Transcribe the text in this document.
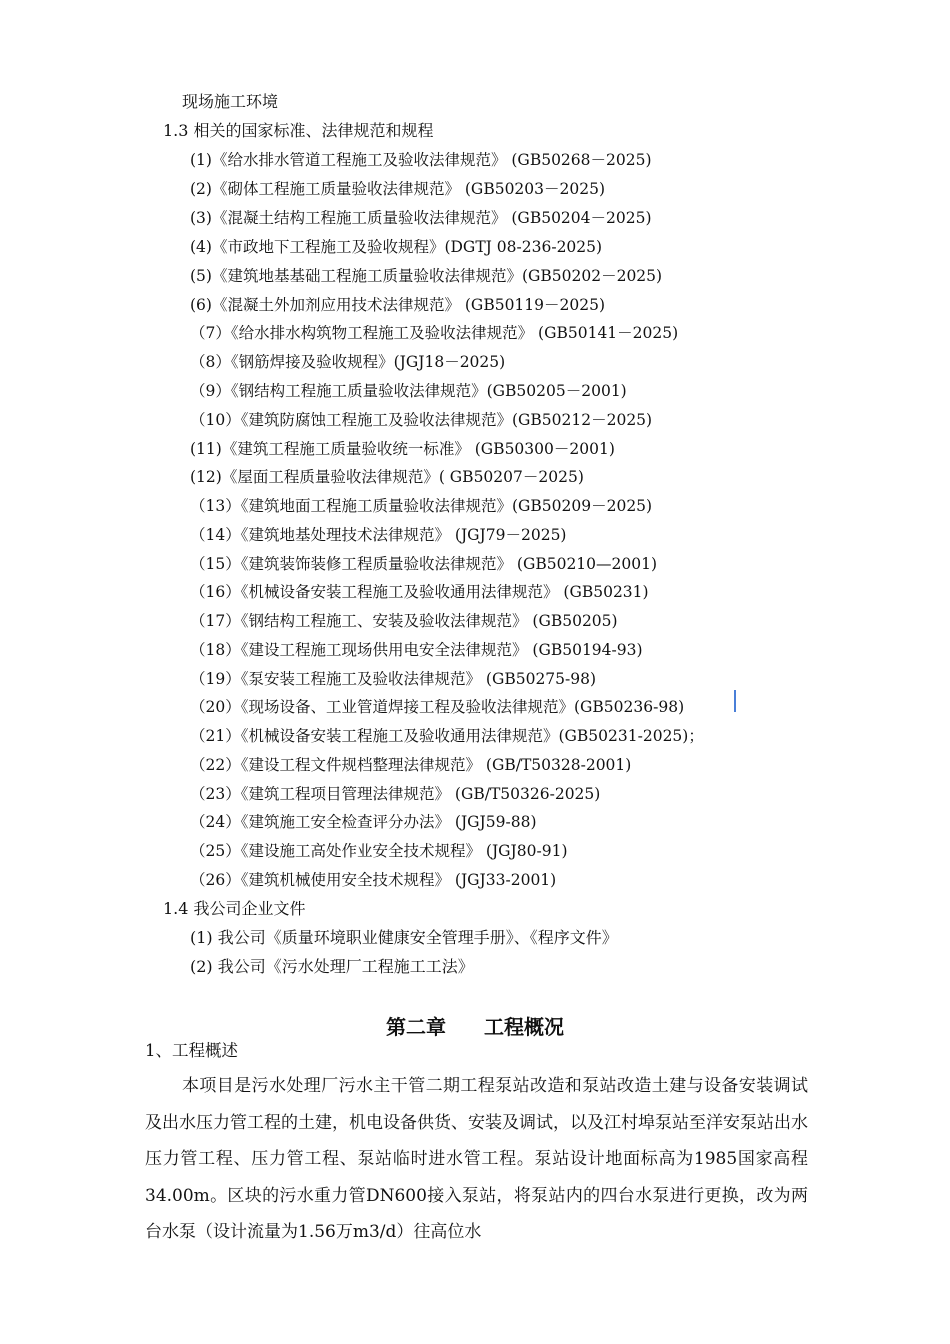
现场施工环境
1.3 相关的国家标准、法律规范和规程
(1)《给水排水管道工程施工及验收法律规范》 (GB50268－2025)
(2)《砌体工程施工质量验收法律规范》 (GB50203－2025)
(3)《混凝土结构工程施工质量验收法律规范》 (GB50204－2025)
(4)《市政地下工程施工及验收规程》(DGTJ 08-236-2025)
(5)《建筑地基基础工程施工质量验收法律规范》(GB50202－2025)
(6)《混凝土外加剂应用技术法律规范》 (GB50119－2025)
（7）《给水排水构筑物工程施工及验收法律规范》 (GB50141－2025)
（8）《钢筋焊接及验收规程》(JGJ18－2025)
（9）《钢结构工程施工质量验收法律规范》(GB50205－2001)
（10）《建筑防腐蚀工程施工及验收法律规范》(GB50212－2025)
(11)《建筑工程施工质量验收统一标准》 (GB50300－2001)
(12)《屋面工程质量验收法律规范》( GB50207－2025)
（13）《建筑地面工程施工质量验收法律规范》(GB50209－2025)
（14）《建筑地基处理技术法律规范》 (JGJ79－2025)
（15）《建筑装饰装修工程质量验收法律规范》 (GB50210—2001)
（16）《机械设备安装工程施工及验收通用法律规范》 (GB50231)
（17）《钢结构工程施工、安装及验收法律规范》 (GB50205)
（18）《建设工程施工现场供用电安全法律规范》 (GB50194-93)
（19）《泵安装工程施工及验收法律规范》 (GB50275-98)
（20）《现场设备、工业管道焊接工程及验收法律规范》(GB50236-98)
（21）《机械设备安装工程施工及验收通用法律规范》(GB50231-2025)；
（22）《建设工程文件规档整理法律规范》 (GB/T50328-2001)
（23）《建筑工程项目管理法律规范》 (GB/T50326-2025)
（24）《建筑施工安全检查评分办法》 (JGJ59-88)
（25）《建设施工高处作业安全技术规程》 (JGJ80-91)
（26）《建筑机械使用安全技术规程》 (JGJ33-2001)
1.4 我公司企业文件
(1) 我公司《质量环境职业健康安全管理手册》、《程序文件》
(2) 我公司《污水处理厂工程施工工法》
第二章 工程概况
1、工程概述
本项目是污水处理厂污水主干管二期工程泵站改造和泵站改造土建与设备安装调试及出水压力管工程的土建，机电设备供货、安装及调试，以及江村埠泵站至洋安泵站出水压力管工程、压力管工程、泵站临时进水管工程。泵站设计地面标高为1985国家高程34.00m。区块的污水重力管DN600接入泵站，将泵站内的四台水泵进行更换，改为两台水泵（设计流量为1.56万m3/d）往高位水
